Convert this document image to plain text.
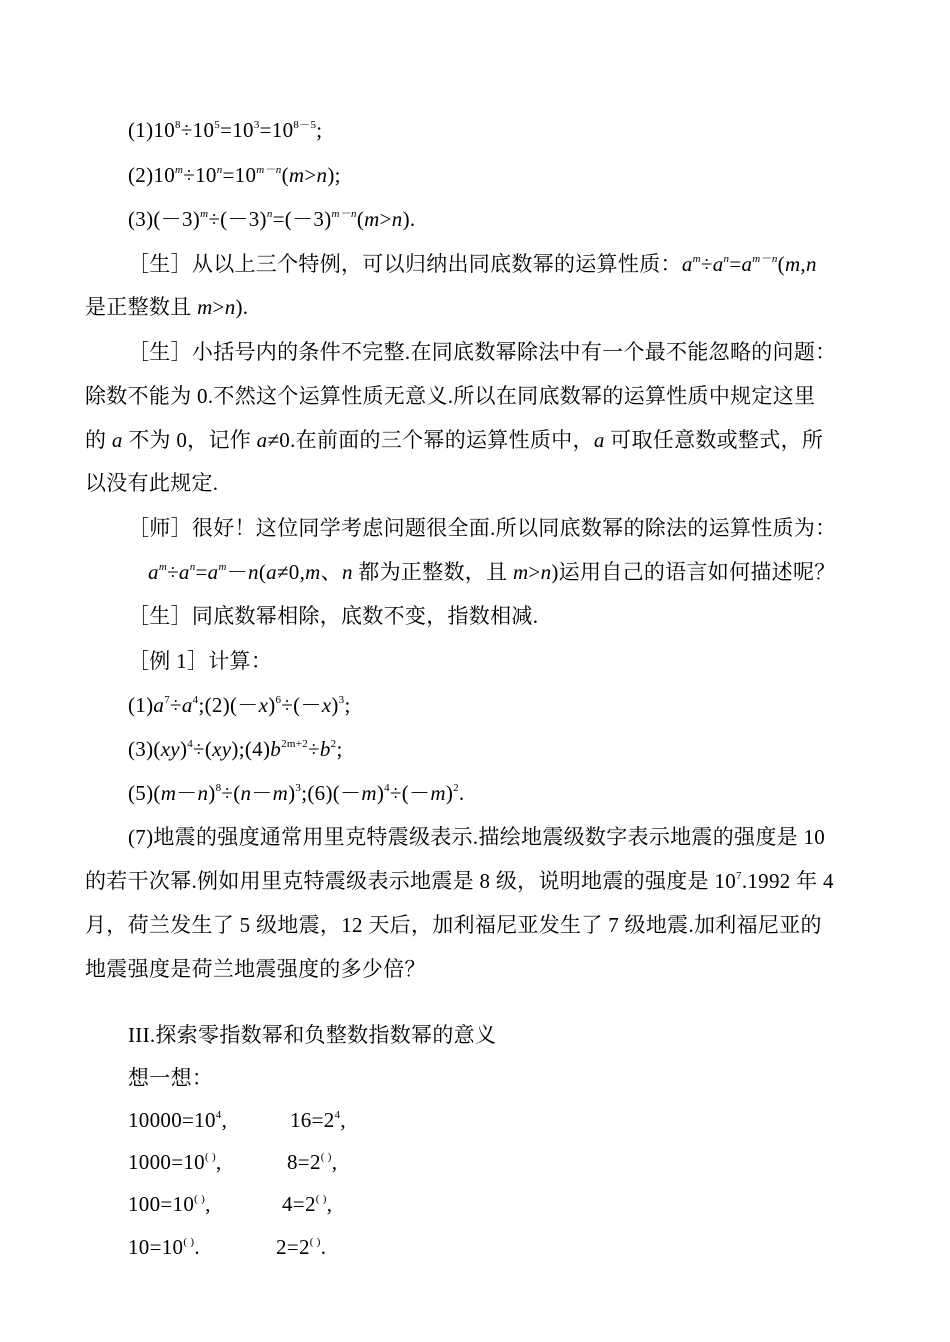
$(1)10^8\div 10^5=10^3=10^{8-5}$;
$(2)10^m\div 10^n=10^{m-n}(m>n)$;
$(3)(-3)^m\div(-3)^n=(-3)^{m-n}(m>n)$.
［生］从以上三个特例，可以归纳出同底数幂的运算性质：$a^m\div a^n=a^{m-n}(m,n$
是正整数且 m>n).
［生］小括号内的条件不完整.在同底数幂除法中有一个最不能忽略的问题：
除数不能为 0.不然这个运算性质无意义.所以在同底数幂的运算性质中规定这里
的 a 不为 0，记作 a≠0.在前面的三个幂的运算性质中，a 可取任意数或整式，所
以没有此规定.
［师］很好！这位同学考虑问题很全面.所以同底数幂的除法的运算性质为：
$a^m\div a^n=a^m-n(a\ne 0,m$、n 都为正整数，且 m>n)运用自己的语言如何描述呢？
［生］同底数幂相除，底数不变，指数相减.
［例 1］计算：
$(1)a^7\div a^4;(2)(-x)^6\div(-x)^3$;
$(3)(xy)^4\div(xy);(4)b^{2m+2}\div b^2$;
$(5)(m-n)^8\div(n-m)^3;(6)(-m)^4\div(-m)^2$.
(7)地震的强度通常用里克特震级表示.描绘地震级数字表示地震的强度是 10
的若干次幂.例如用里克特震级表示地震是 8 级，说明地震的强度是 $10^7.1992$ 年 4
月，荷兰发生了 5 级地震，12 天后，加利福尼亚发生了 7 级地震.加利福尼亚的
地震强度是荷兰地震强度的多少倍？
III.探索零指数幂和负整数指数幂的意义
想一想：
$10000=10^4$,	$16=2^4$,
1000=10( ),	8=2( ),
100=10( ),	4=2( ),
10=10( ).	2=2( ).
